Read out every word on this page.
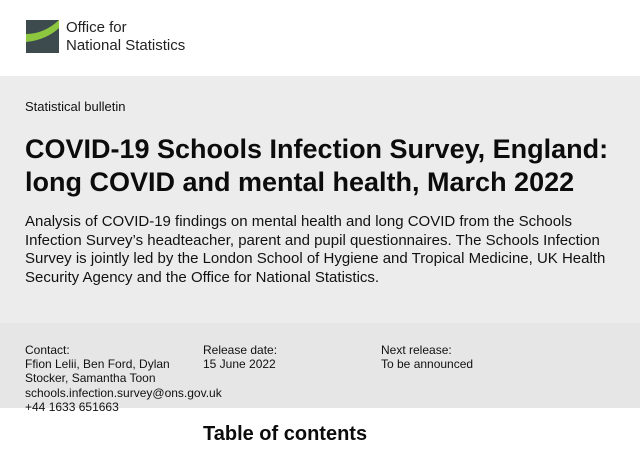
Office for
National Statistics
Statistical bulletin
COVID-19 Schools Infection Survey, England: long COVID and mental health, March 2022

Analysis of COVID-19 findings on mental health and long COVID from the Schools Infection Survey’s headteacher, parent and pupil questionnaires. The Schools Infection Survey is jointly led by the London School of Hygiene and Tropical Medicine, UK Health Security Agency and the Office for National Statistics.

Contact:
Ffion Lelii, Ben Ford, Dylan Stocker, Samantha Toon
schools.infection.survey@ons.gov.uk
+44 1633 651663
Release date:
15 June 2022
Next release:
To be announced
Table of contents
